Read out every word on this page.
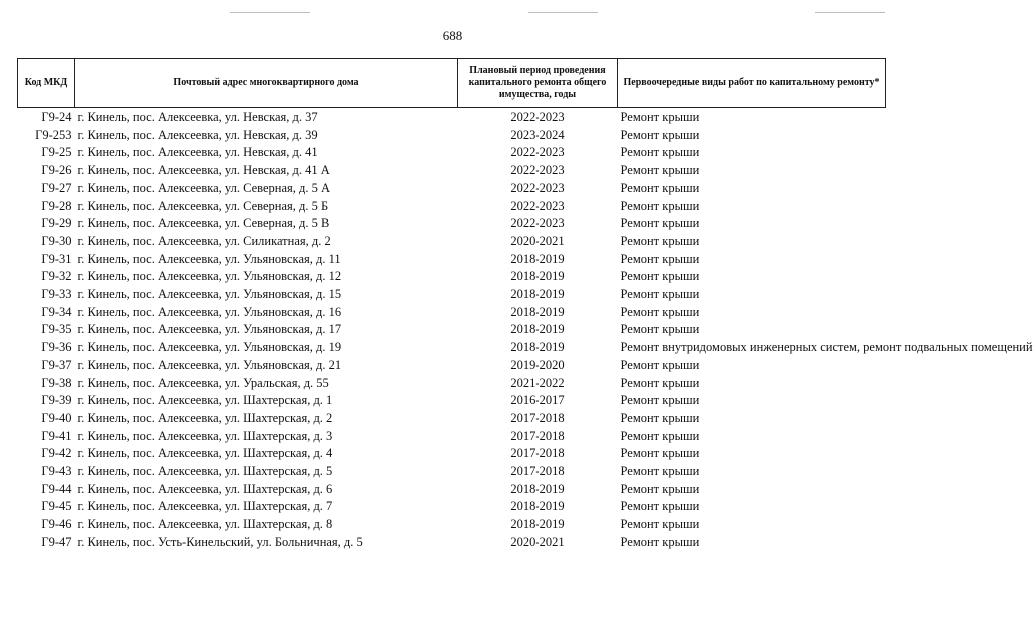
688
Код МКД	Почтовый адрес многоквартирного дома	Плановый период проведения капитального ремонта общего имущества, годы	Первоочередные виды работ по капитальному ремонту*
Г9-24	г. Кинель, пос. Алексеевка, ул. Невская, д. 37	2022-2023	Ремонт крыши
Г9-253	г. Кинель, пос. Алексеевка, ул. Невская, д. 39	2023-2024	Ремонт крыши
Г9-25	г. Кинель, пос. Алексеевка, ул. Невская, д. 41	2022-2023	Ремонт крыши
Г9-26	г. Кинель, пос. Алексеевка, ул. Невская, д. 41 А	2022-2023	Ремонт крыши
Г9-27	г. Кинель, пос. Алексеевка, ул. Северная, д. 5 А	2022-2023	Ремонт крыши
Г9-28	г. Кинель, пос. Алексеевка, ул. Северная, д. 5 Б	2022-2023	Ремонт крыши
Г9-29	г. Кинель, пос. Алексеевка, ул. Северная, д. 5 В	2022-2023	Ремонт крыши
Г9-30	г. Кинель, пос. Алексеевка, ул. Силикатная, д. 2	2020-2021	Ремонт крыши
Г9-31	г. Кинель, пос. Алексеевка, ул. Ульяновская, д. 11	2018-2019	Ремонт крыши
Г9-32	г. Кинель, пос. Алексеевка, ул. Ульяновская, д. 12	2018-2019	Ремонт крыши
Г9-33	г. Кинель, пос. Алексеевка, ул. Ульяновская, д. 15	2018-2019	Ремонт крыши
Г9-34	г. Кинель, пос. Алексеевка, ул. Ульяновская, д. 16	2018-2019	Ремонт крыши
Г9-35	г. Кинель, пос. Алексеевка, ул. Ульяновская, д. 17	2018-2019	Ремонт крыши
Г9-36	г. Кинель, пос. Алексеевка, ул. Ульяновская, д. 19	2018-2019	Ремонт внутридомовых инженерных систем, ремонт подвальных помещений
Г9-37	г. Кинель, пос. Алексеевка, ул. Ульяновская, д. 21	2019-2020	Ремонт крыши
Г9-38	г. Кинель, пос. Алексеевка, ул. Уральская, д. 55	2021-2022	Ремонт крыши
Г9-39	г. Кинель, пос. Алексеевка, ул. Шахтерская, д. 1	2016-2017	Ремонт крыши
Г9-40	г. Кинель, пос. Алексеевка, ул. Шахтерская, д. 2	2017-2018	Ремонт крыши
Г9-41	г. Кинель, пос. Алексеевка, ул. Шахтерская, д. 3	2017-2018	Ремонт крыши
Г9-42	г. Кинель, пос. Алексеевка, ул. Шахтерская, д. 4	2017-2018	Ремонт крыши
Г9-43	г. Кинель, пос. Алексеевка, ул. Шахтерская, д. 5	2017-2018	Ремонт крыши
Г9-44	г. Кинель, пос. Алексеевка, ул. Шахтерская, д. 6	2018-2019	Ремонт крыши
Г9-45	г. Кинель, пос. Алексеевка, ул. Шахтерская, д. 7	2018-2019	Ремонт крыши
Г9-46	г. Кинель, пос. Алексеевка, ул. Шахтерская, д. 8	2018-2019	Ремонт крыши
Г9-47	г. Кинель, пос. Усть-Кинельский, ул. Больничная, д. 5	2020-2021	Ремонт крыши
